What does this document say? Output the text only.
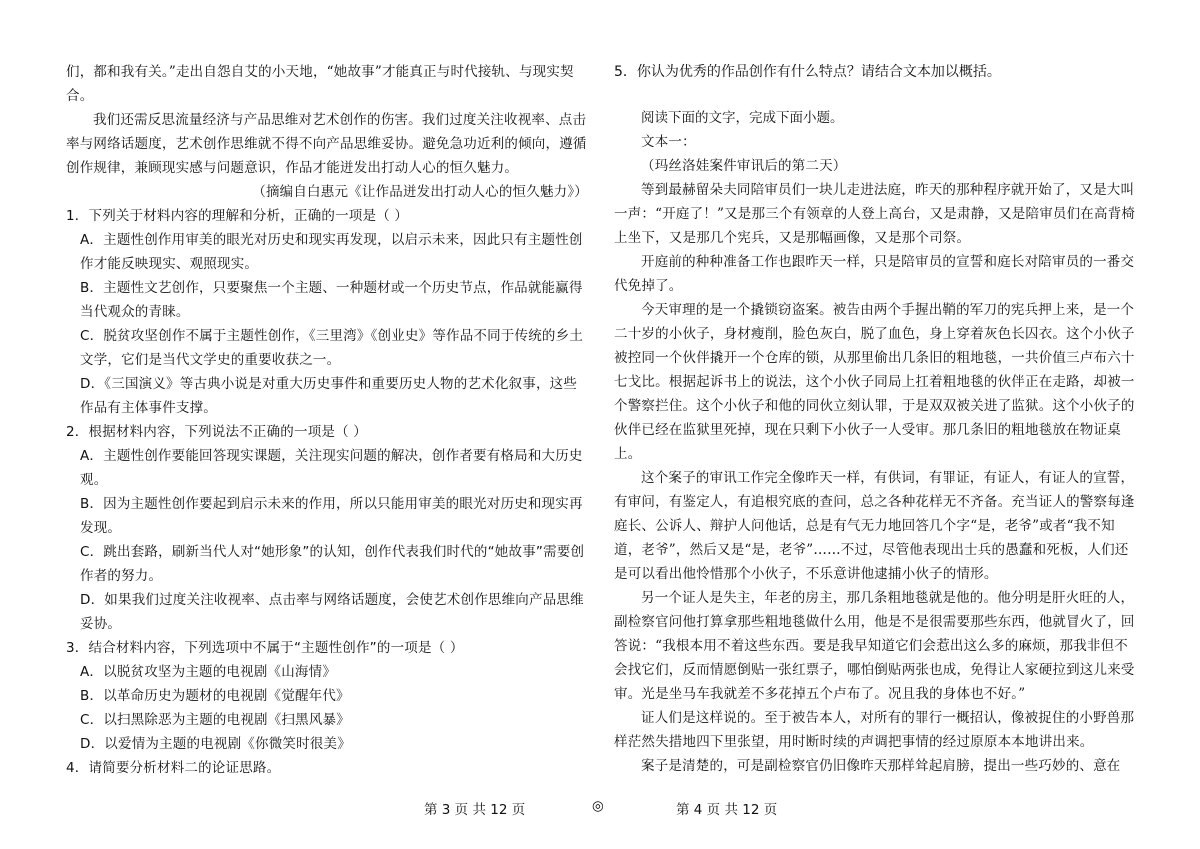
们，都和我有关。”走出自怨自艾的小天地，“她故事”才能真正与时代接轨、与现实契合。

我们还需反思流量经济与产品思维对艺术创作的伤害。我们过度关注收视率、点击率与网络话题度，艺术创作思维就不得不向产品思维妥协。避免急功近利的倾向，遵循创作规律，兼顾现实感与问题意识，作品才能迸发出打动人心的恒久魅力。

（摘编自白惠元《让作品迸发出打动人心的恒久魅力》）

1．下列关于材料内容的理解和分析，正确的一项是（ ）

A．主题性创作用审美的眼光对历史和现实再发现，以启示未来，因此只有主题性创作才能反映现实、观照现实。

B．主题性文艺创作，只要聚焦一个主题、一种题材或一个历史节点，作品就能赢得当代观众的青睐。

C．脱贫攻坚创作不属于主题性创作，《三里湾》《创业史》等作品不同于传统的乡土文学，它们是当代文学史的重要收获之一。

D．《三国演义》等古典小说是对重大历史事件和重要历史人物的艺术化叙事，这些作品有主体事件支撑。

2．根据材料内容，下列说法不正确的一项是（ ）

A．主题性创作要能回答现实课题，关注现实问题的解决，创作者要有格局和大历史观。

B．因为主题性创作要起到启示未来的作用，所以只能用审美的眼光对历史和现实再发现。

C．跳出套路，刷新当代人对“她形象”的认知，创作代表我们时代的“她故事”需要创作者的努力。

D．如果我们过度关注收视率、点击率与网络话题度，会使艺术创作思维向产品思维妥协。

3．结合材料内容，下列选项中不属于“主题性创作”的一项是（ ）

A．以脱贫攻坚为主题的电视剧《山海情》

B．以革命历史为题材的电视剧《觉醒年代》

C．以扫黑除恶为主题的电视剧《扫黑风暴》

D．以爱情为主题的电视剧《你微笑时很美》

4．请简要分析材料二的论证思路。

5．你认为优秀的作品创作有什么特点？请结合文本加以概括。

阅读下面的文字，完成下面小题。

文本一：

（玛丝洛娃案件审讯后的第二天）

等到最赫留朵夫同陪审员们一块儿走进法庭，昨天的那种程序就开始了，又是大叫一声：“开庭了！”又是那三个有领章的人登上高台，又是肃静，又是陪审员们在高背椅上坐下，又是那几个宪兵，又是那幅画像，又是那个司祭。

开庭前的种种准备工作也跟昨天一样，只是陪审员的宣誓和庭长对陪审员的一番交代免掉了。

今天审理的是一个撬锁窃盗案。被告由两个手握出鞘的军刀的宪兵押上来，是一个二十岁的小伙子，身材瘦削，脸色灰白，脱了血色，身上穿着灰色长囚衣。这个小伙子被控同一个伙伴撬开一个仓库的锁，从那里偷出几条旧的粗地毯，一共价值三卢布六十七戈比。根据起诉书上的说法，这个小伙子同局上扛着粗地毯的伙伴正在走路，却被一个警察拦住。这个小伙子和他的同伙立刻认罪，于是双双被关进了监狱。这个小伙子的伙伴已经在监狱里死掉，现在只剩下小伙子一人受审。那几条旧的粗地毯放在物证桌上。

这个案子的审讯工作完全像昨天一样，有供词，有罪证，有证人，有证人的宣誓，有审问，有鉴定人，有追根究底的查问，总之各种花样无不齐备。充当证人的警察每逢庭长、公诉人、辩护人问他话，总是有气无力地回答几个字“是，老爷”或者“我不知道，老爷”，然后又是“是，老爷”……不过，尽管他表现出士兵的愚蠢和死板，人们还是可以看出他怜惜那个小伙子，不乐意讲他逮捕小伙子的情形。

另一个证人是失主，年老的房主，那几条粗地毯就是他的。他分明是肝火旺的人，副检察官问他打算拿那些粗地毯做什么用，他是不是很需要那些东西，他就冒火了，回答说：“我根本用不着这些东西。要是我早知道它们会惹出这么多的麻烦，那我非但不会找它们，反而情愿倒贴一张红票子，哪怕倒贴两张也成，免得让人家硬拉到这儿来受审。光是坐马车我就差不多花掉五个卢布了。况且我的身体也不好。”

证人们是这样说的。至于被告本人，对所有的罪行一概招认，像被捉住的小野兽那样茫然失措地四下里张望，用时断时续的声调把事情的经过原原本本地讲出来。

案子是清楚的，可是副检察官仍旧像昨天那样耸起肩膀，提出一些巧妙的、意在

第 3 页 共 12 页	◎	第 4 页 共 12 页
